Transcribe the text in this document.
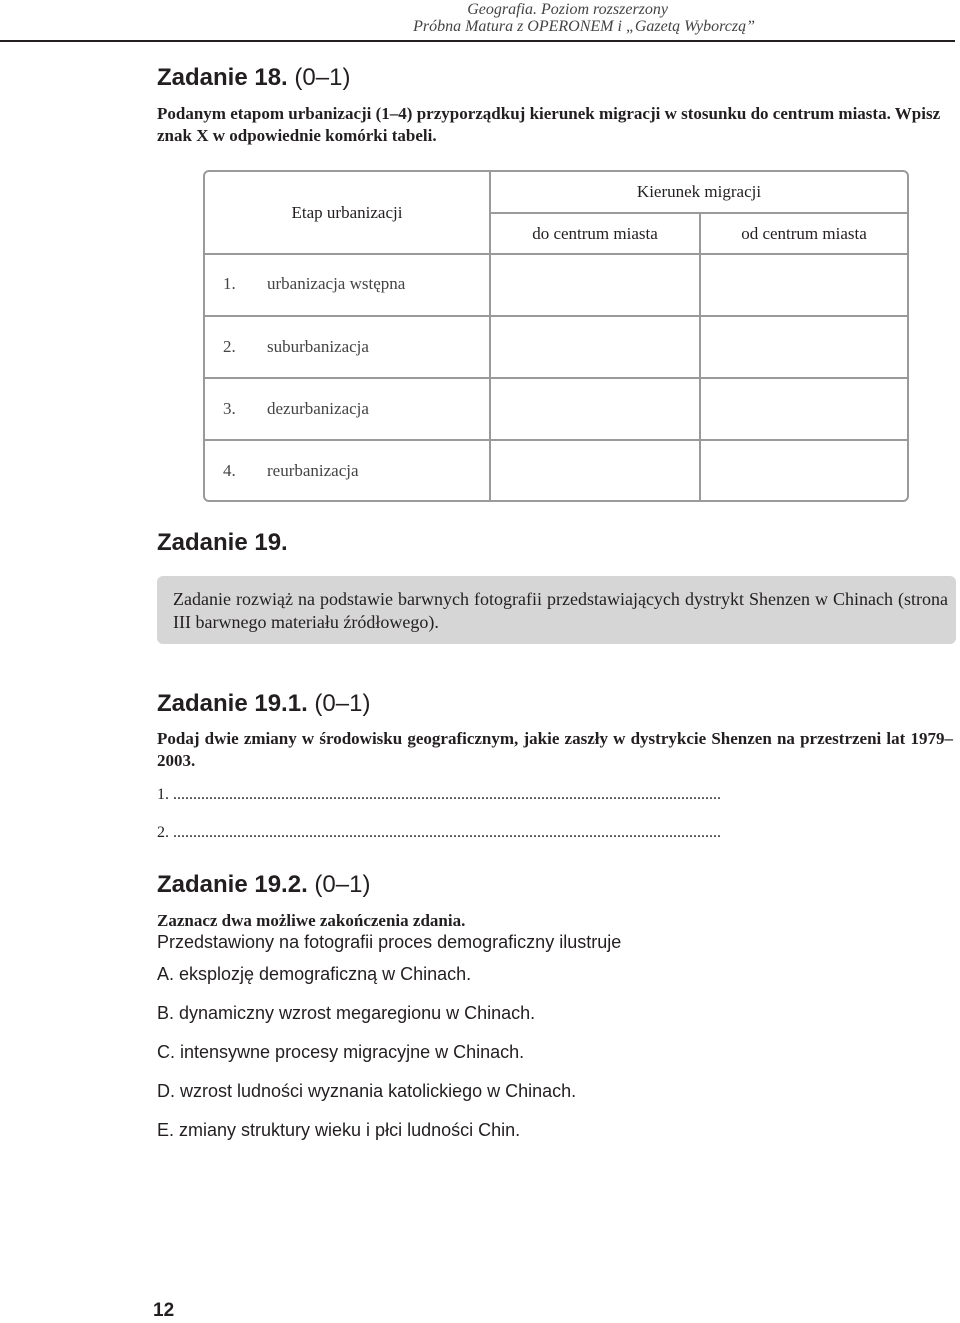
Geografia. Poziom rozszerzony
Próbna Matura z OPERONEM i „Gazetą Wyborczą”
Zadanie 18. (0–1)
Podanym etapom urbanizacji (1–4) przyporządkuj kierunek migracji w stosunku do centrum miasta. Wpisz znak X w odpowiednie komórki tabeli.
Etap urbanizacji
Kierunek migracji
do centrum miasta	od centrum miasta
1. urbanizacja wstępna
2. suburbanizacja
3. dezurbanizacja
4. reurbanizacja
Zadanie 19.
Zadanie rozwiąż na podstawie barwnych fotografii przedstawiających dystrykt Shenzen w Chinach (strona III barwnego materiału źródłowego).
Zadanie 19.1. (0–1)
Podaj dwie zmiany w środowisku geograficznym, jakie zaszły w dystrykcie Shenzen na przestrzeni lat 1979–2003.
1. .........................................................................................................................................
2. .........................................................................................................................................
Zadanie 19.2. (0–1)
Zaznacz dwa możliwe zakończenia zdania.
Przedstawiony na fotografii proces demograficzny ilustruje
A. eksplozję demograficzną w Chinach.
B. dynamiczny wzrost megaregionu w Chinach.
C. intensywne procesy migracyjne w Chinach.
D. wzrost ludności wyznania katolickiego w Chinach.
E. zmiany struktury wieku i płci ludności Chin.
12
